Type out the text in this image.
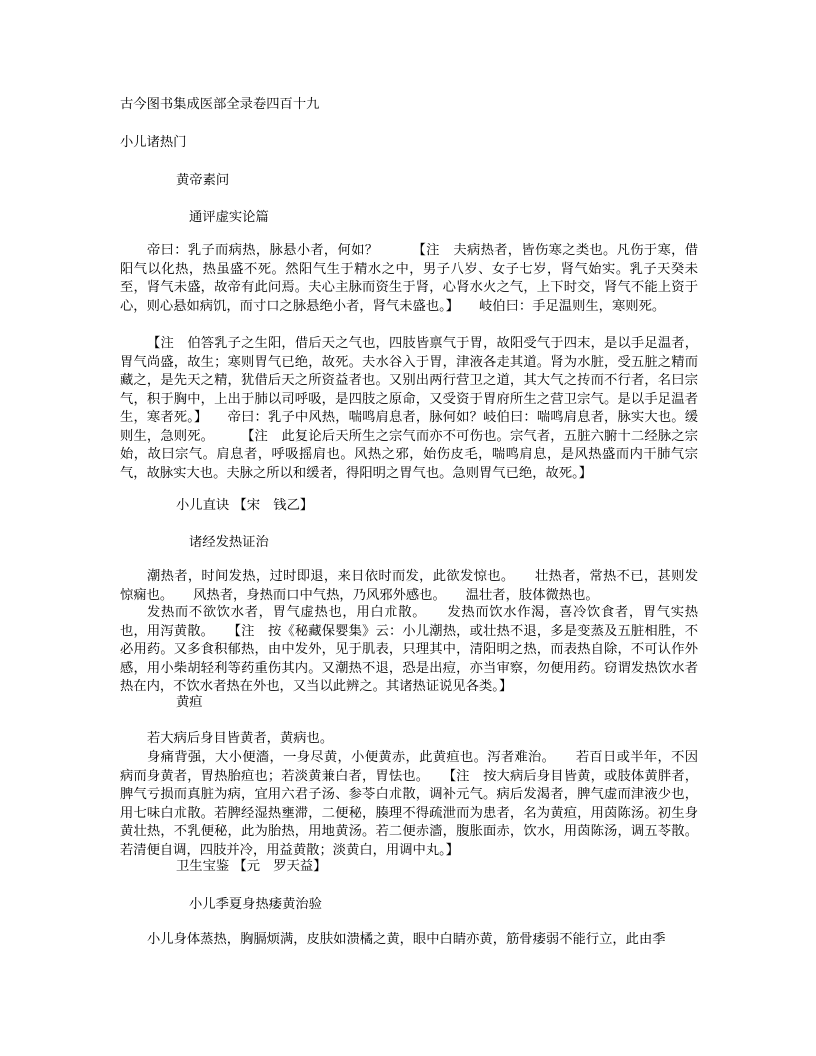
古今图书集成医部全录卷四百十九
小儿诸热门
黄帝素问
通评虚实论篇
帝曰：乳子而病热，脉悬小者，何如？　　　【注　夫病热者，皆伤寒之类也。凡伤于寒，借阳气以化热，热虽盛不死。然阳气生于精水之中，男子八岁、女子七岁，肾气始实。乳子天癸未至，肾气未盛，故帝有此问焉。夫心主脉而资生于肾，心肾水火之气，上下时交，肾气不能上资于心，则心悬如病饥，而寸口之脉悬绝小者，肾气未盛也。】　　岐伯曰：手足温则生，寒则死。
【注　伯答乳子之生阳，借后天之气也，四肢皆禀气于胃，故阳受气于四末，是以手足温者，胃气尚盛，故生；寒则胃气已绝，故死。夫水谷入于胃，津液各走其道。肾为水脏，受五脏之精而藏之，是先天之精，犹借后天之所资益者也。又别出两行营卫之道，其大气之抟而不行者，名曰宗气，积于胸中，上出于肺以司呼吸，是四肢之原命，又受资于胃府所生之营卫宗气。是以手足温者生，寒者死。】　　帝曰：乳子中风热，喘鸣肩息者，脉何如？岐伯曰：喘鸣肩息者，脉实大也。缓则生，急则死。　　　【注　此复论后天所生之宗气而亦不可伤也。宗气者，五脏六腑十二经脉之宗始，故曰宗气。肩息者，呼吸摇肩也。风热之邪，始伤皮毛，喘鸣肩息，是风热盛而内干肺气宗气，故脉实大也。夫脉之所以和缓者，得阳明之胃气也。急则胃气已绝，故死。】
小儿直诀 【宋　钱乙】
诸经发热证治
潮热者，时间发热，过时即退，来日依时而发，此欲发惊也。　　壮热者，常热不已，甚则发惊痫也。　　风热者，身热而口中气热，乃风邪外感也。　　温壮者，肢体微热也。
发热而不欲饮水者，胃气虚热也，用白朮散。　　发热而饮水作渴，喜冷饮食者，胃气实热也，用泻黄散。　　【注　按《秘藏保婴集》云：小儿潮热，或壮热不退，多是变蒸及五脏相胜，不必用药。又多食积郁热，由中发外，见于肌表，只理其中，清阳明之热，而表热自除，不可认作外感，用小柴胡轻利等药重伤其内。又潮热不退，恐是出痘，亦当审察，勿便用药。窃谓发热饮水者热在内，不饮水者热在外也，又当以此辨之。其诸热证说见各类。】
黄疸
若大病后身目皆黄者，黄病也。
身痛背强，大小便濇，一身尽黄，小便黄赤，此黄疸也。泻者难治。　　若百日或半年，不因病而身黄者，胃热胎疸也；若淡黄兼白者，胃怯也。　　【注　按大病后身目皆黄，或肢体黄胖者，脾气亏损而真脏为病，宜用六君子汤、参苓白朮散，调补元气。病后发渴者，脾气虚而津液少也，用七味白朮散。若脾经湿热壅滞，二便秘，腠理不得疏泄而为患者，名为黄疸，用茵陈汤。初生身黄壮热，不乳便秘，此为胎热，用地黄汤。若二便赤濇，腹胀面赤，饮水，用茵陈汤，调五苓散。若清便自调，四肢并冷，用益黄散；淡黄白，用调中丸。】
卫生宝鉴 【元　罗天益】
小儿季夏身热痿黄治验
小儿身体蒸热，胸膈烦满，皮肤如溃橘之黄，眼中白睛亦黄，筋骨痿弱不能行立，此由季
